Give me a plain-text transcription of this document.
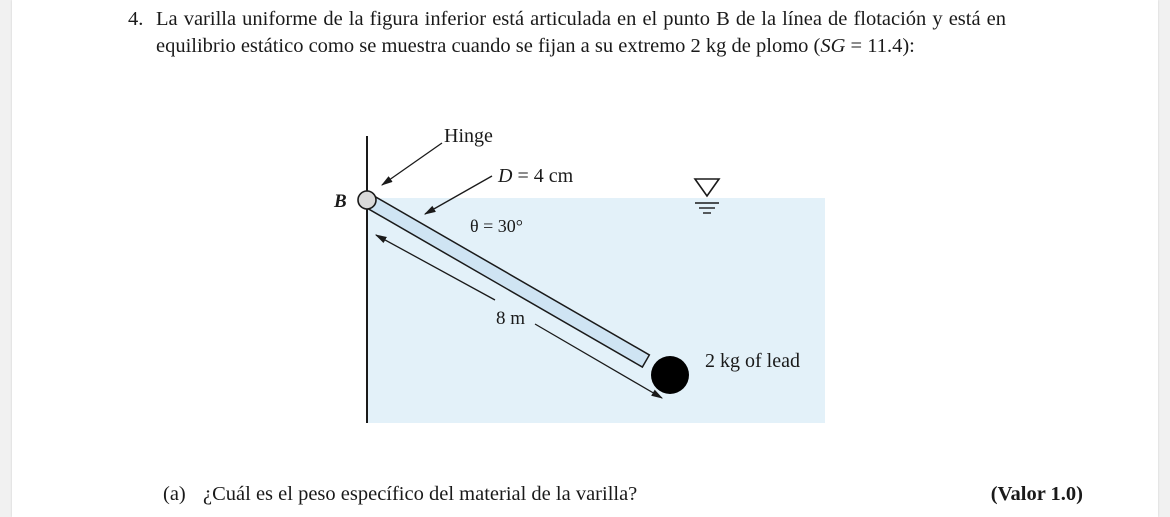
4. La varilla uniforme de la figura inferior está articulada en el punto B de la línea de flotación y está en equilibrio estático como se muestra cuando se fijan a su extremo 2 kg de plomo (SG = 11.4):
Hinge
D = 4 cm
B
θ = 30°
8 m
2 kg of lead
(a) ¿Cuál es el peso específico del material de la varilla?	(Valor 1.0)
